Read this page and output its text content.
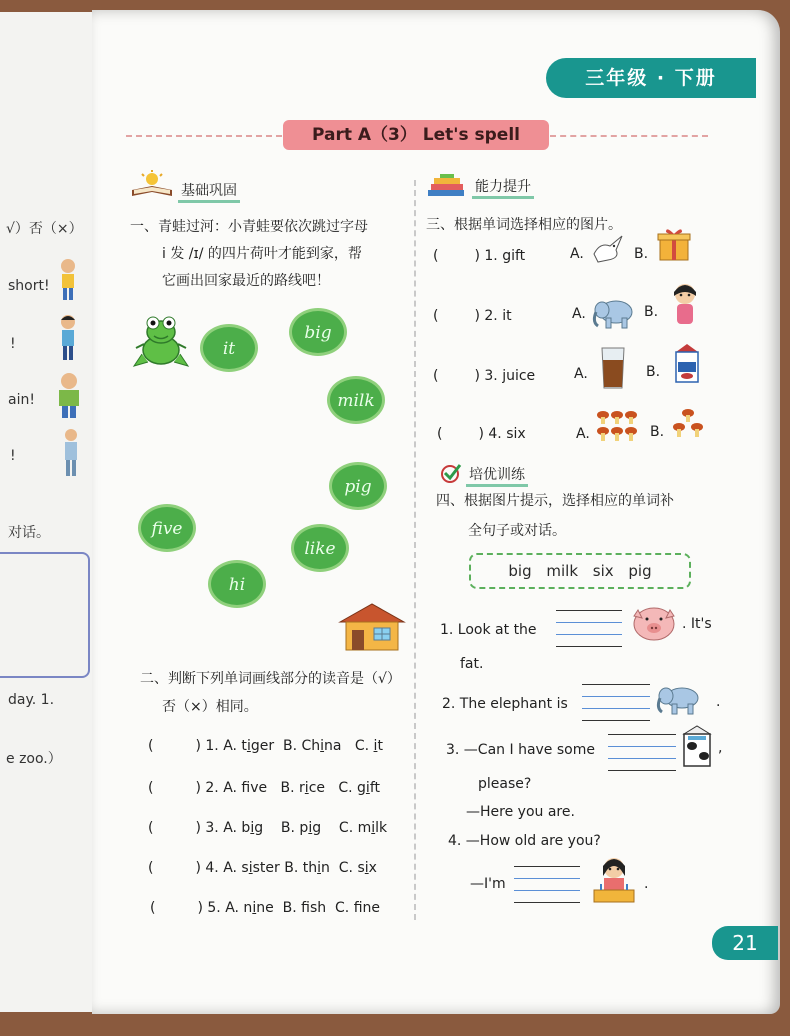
√）否（×）
short!
!
ain!
!
对话。
day. 1.
e zoo.）
三年级 · 下册
Part A（3） Let's spell
基础巩固
一、青蛙过河：小青蛙要依次跳过字母
i 发 /ɪ/ 的四片荷叶才能到家，帮
它画出回家最近的路线吧！
it
big
milk
pig
five
like
hi
二、判断下列单词画线部分的读音是（√）
否（×）相同。
(	) 1. A. tiger B. China C. it
(	) 2. A. fve B. rice C. gift
(	) 3. A. big B. pig C. milk
(	) 4. A. sister B. thin C. six
(	) 5. A. nine B. fsh C. fne
能力提升
三、根据单词选择相应的图片。
(	) 1. gift	A.	B.
(	) 2. it	A.	B.
(	) 3. juice	A.	B.
(	) 4. six	A.	B.
培优训练
四、根据图片提示，选择相应的单词补
全句子或对话。
big milk six pig
1. Look at the	. It's
fat.
2. The elephant is	.
3. —Can I have some	,
please?
—Here you are.
4. —How old are you?
—I'm	.
21
